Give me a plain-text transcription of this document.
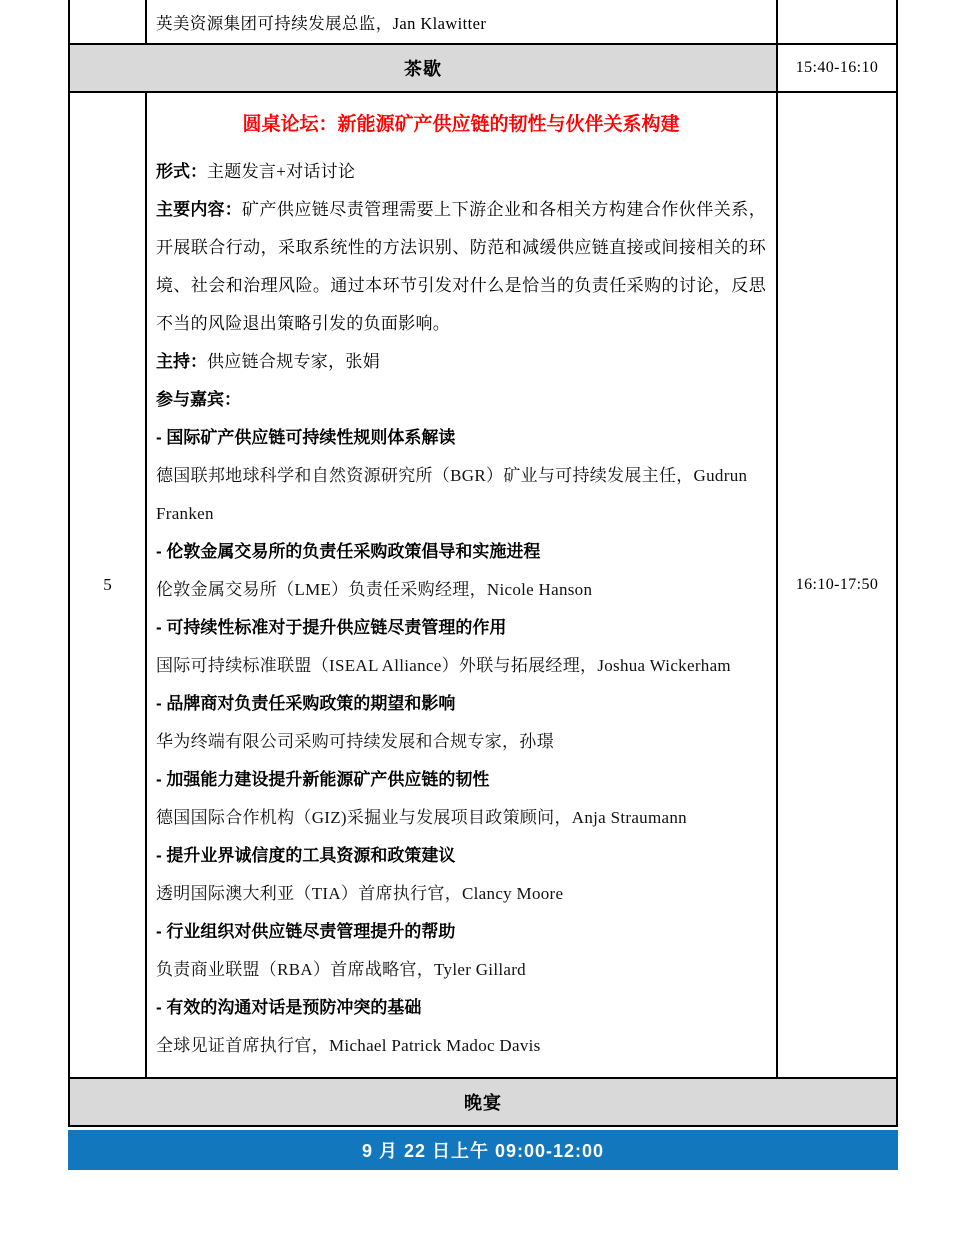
英美资源集团可持续发展总监，Jan Klawitter
茶歇	15:40-16:10
5

圆桌论坛：新能源矿产供应链的韧性与伙伴关系构建

形式：主题发言+对话讨论

主要内容：矿产供应链尽责管理需要上下游企业和各相关方构建合作伙伴关系，开展联合行动，采取系统性的方法识别、防范和减缓供应链直接或间接相关的环境、社会和治理风险。通过本环节引发对什么是恰当的负责任采购的讨论，反思不当的风险退出策略引发的负面影响。

主持：供应链合规专家，张娟

参与嘉宾：

- 国际矿产供应链可持续性规则体系解读

德国联邦地球科学和自然资源研究所（BGR）矿业与可持续发展主任，Gudrun Franken

- 伦敦金属交易所的负责任采购政策倡导和实施进程

伦敦金属交易所（LME）负责任采购经理，Nicole Hanson

- 可持续性标准对于提升供应链尽责管理的作用

国际可持续标准联盟（ISEAL Alliance）外联与拓展经理，Joshua Wickerham

- 品牌商对负责任采购政策的期望和影响

华为终端有限公司采购可持续发展和合规专家，孙璟

- 加强能力建设提升新能源矿产供应链的韧性

德国国际合作机构（GIZ)采掘业与发展项目政策顾问，Anja Straumann

- 提升业界诚信度的工具资源和政策建议

透明国际澳大利亚（TIA）首席执行官，Clancy Moore

- 行业组织对供应链尽责管理提升的帮助

负责商业联盟（RBA）首席战略官，Tyler Gillard

- 有效的沟通对话是预防冲突的基础

全球见证首席执行官，Michael Patrick Madoc Davis

16:10-17:50
晚宴
9 月 22 日上午 09:00-12:00
